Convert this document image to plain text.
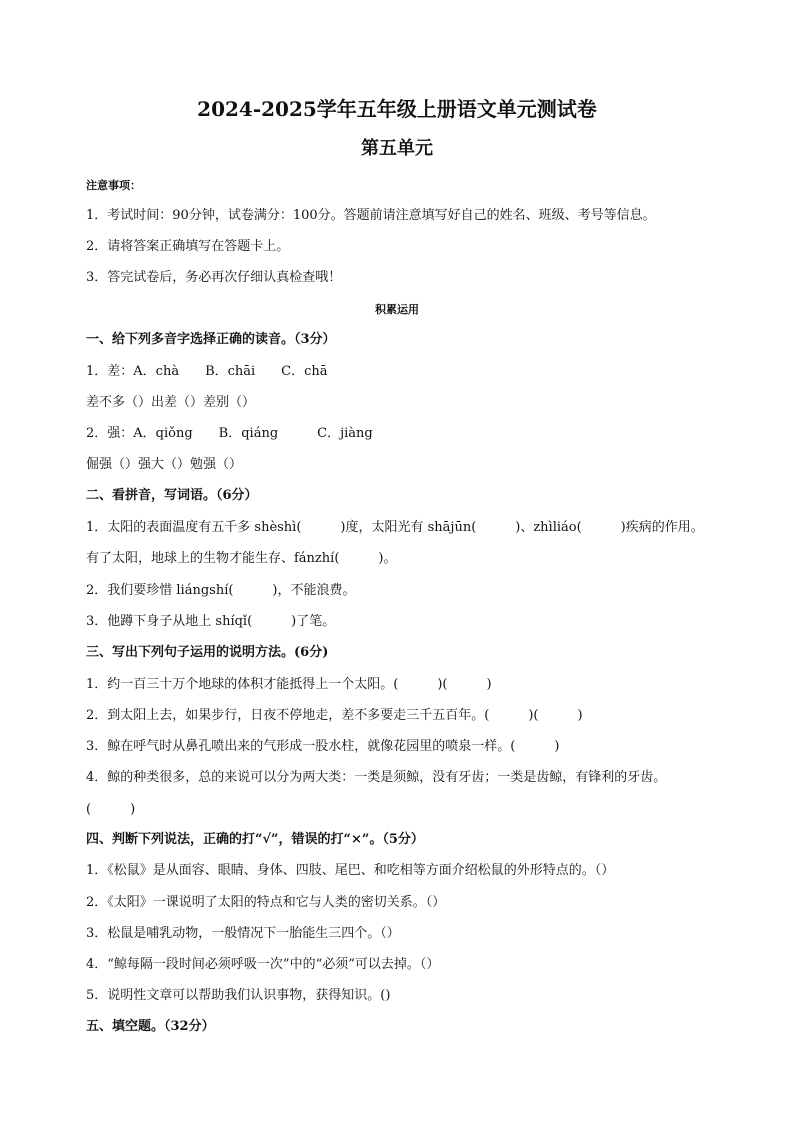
2024-2025学年五年级上册语文单元测试卷
第五单元
注意事项：
1．考试时间：90分钟，试卷满分：100分。答题前请注意填写好自己的姓名、班级、考号等信息。
2．请将答案正确填写在答题卡上。
3．答完试卷后，务必再次仔细认真检查哦！
积累运用
一、给下列多音字选择正确的读音。（3分）
1．差：A．chà　　B．chāi　　C．chā
差不多（）出差（）差别（）
2．强：A．qiǒng　　B．qiáng　　　C．jiàng
倔强（）强大（）勉强（）
二、看拼音，写词语。（6分）
1．太阳的表面温度有五千多 shèshì(　　　)度，太阳光有 shājūn(　　　)、zhìliáo(　　　)疾病的作用。
有了太阳，地球上的生物才能生存、fánzhí(　　　)。
2．我们要珍惜 liángshí(　　　)，不能浪费。
3．他蹲下身子从地上 shíqǐ(　　　)了笔。
三、写出下列句子运用的说明方法。(6分)
1．约一百三十万个地球的体积才能抵得上一个太阳。(　　　)(　　　)
2．到太阳上去，如果步行，日夜不停地走，差不多要走三千五百年。(　　　)(　　　)
3．鲸在呼气时从鼻孔喷出来的气形成一股水柱，就像花园里的喷泉一样。(　　　)
4．鲸的种类很多，总的来说可以分为两大类：一类是须鲸，没有牙齿；一类是齿鲸，有锋利的牙齿。
(　　　)
四、判断下列说法，正确的打“√”，错误的打“×”。（5分）
1．《松鼠》是从面容、眼睛、身体、四肢、尾巴、和吃相等方面介绍松鼠的外形特点的。（）
2．《太阳》一课说明了太阳的特点和它与人类的密切关系。（）
3．松鼠是哺乳动物，一般情况下一胎能生三四个。（）
4．“鲸每隔一段时间必须呼吸一次”中的“必须”可以去掉。（）
5．说明性文章可以帮助我们认识事物，获得知识。()
五、填空题。（32分）
